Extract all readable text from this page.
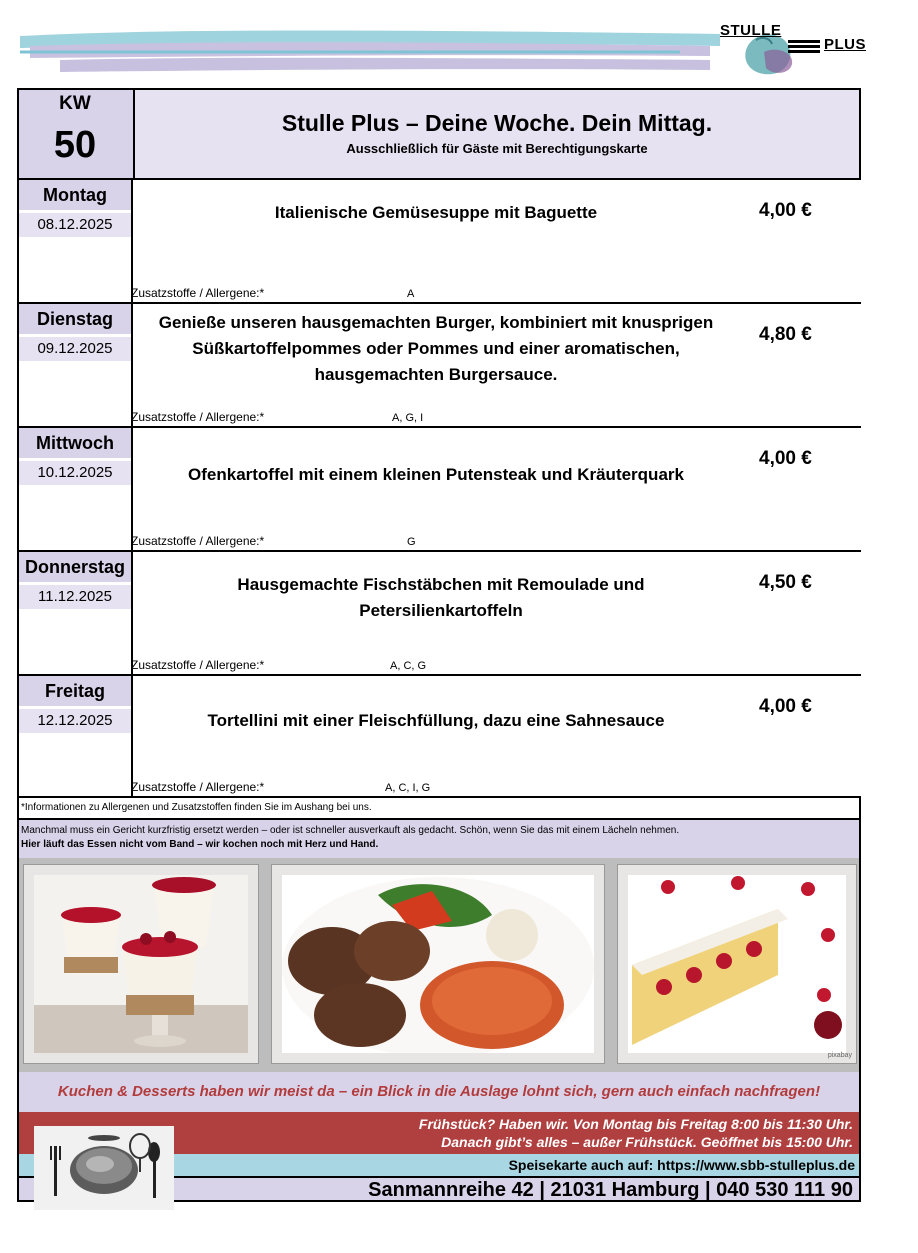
STULLE
PLUS
KW
50
Stulle Plus – Deine Woche. Dein Mittag.
Ausschließlich für Gäste mit Berechtigungskarte
Montag
08.12.2025
Italienische Gemüsesuppe mit Baguette	4,00 €
Zusatzstoffe / Allergene:*	A
Dienstag
09.12.2025
Genieße unseren hausgemachten Burger, kombiniert mit knusprigen Süßkartoffelpommes oder Pommes und einer aromatischen, hausgemachten Burgersauce.
4,80 €
Zusatzstoffe / Allergene:*	A, G, I
Mittwoch
10.12.2025	Ofenkartoffel mit einem kleinen Putensteak und Kräuterquark
4,00 €
Zusatzstoffe / Allergene:*	G
Donnerstag
11.12.2025
Hausgemachte Fischstäbchen mit Remoulade und Petersilienkartoffeln
4,50 €
Zusatzstoffe / Allergene:*	A, C, G
Freitag
12.12.2025	Tortellini mit einer Fleischfüllung, dazu eine Sahnesauce
4,00 €
Zusatzstoffe / Allergene:*	A, C, I, G
*Informationen zu Allergenen und Zusatzstoffen finden Sie im Aushang bei uns.
Manchmal muss ein Gericht kurzfristig ersetzt werden – oder ist schneller ausverkauft als gedacht. Schön, wenn Sie das mit einem Lächeln nehmen.
Hier läuft das Essen nicht vom Band – wir kochen noch mit Herz und Hand.
pixabay
Kuchen & Desserts haben wir meist da – ein Blick in die Auslage lohnt sich, gern auch einfach nachfragen!
Frühstück? Haben wir. Von Montag bis Freitag 8:00 bis 11:30 Uhr.
Danach gibt’s alles – außer Frühstück. Geöffnet bis 15:00 Uhr.
Speisekarte auch auf: https://www.sbb-stulleplus.de
Sanmannreihe 42 | 21031 Hamburg | 040 530 111 90
